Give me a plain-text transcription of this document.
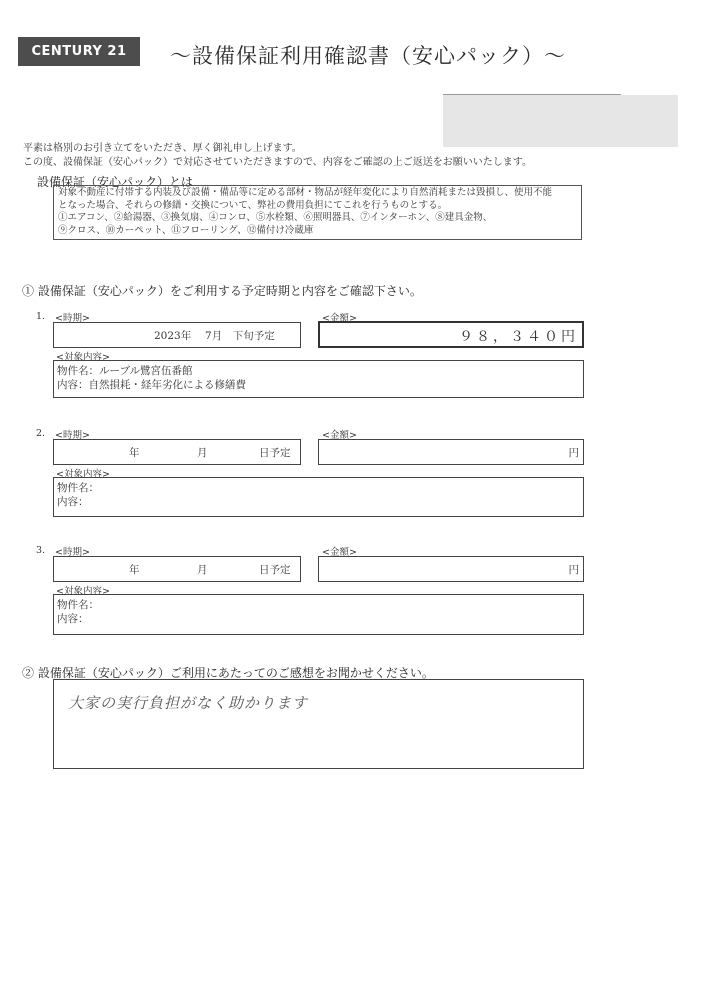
CENTURY 21	〜設備保証利用確認書（安心パック）〜
平素は格別のお引き立てをいただき、厚く御礼申し上げます。
この度、設備保証（安心パック）で対応させていただきますので、内容をご確認の上ご返送をお願いいたします。
設備保証（安心パック）とは
対象不動産に付帯する内装及び設備・備品等に定める部材・物品が経年変化により自然消耗または毀損し、使用不能
となった場合、それらの修繕・交換について、弊社の費用負担にてこれを行うものとする。
①エアコン、②給湯器、③換気扇、④コンロ、⑤水栓類、⑥照明器具、⑦インターホン、⑧建具金物、
⑨クロス、⑩カーペット、⑪フローリング、⑫備付け冷蔵庫
① 設備保証（安心パック）をご利用する予定時期と内容をご確認下さい。
1. <時期>
2023年　 7月　下旬予定
<金額>
９８，３４０円
<対象内容>
物件名：ルーブル鷺宮伍番館
内容：自然損耗・経年劣化による修繕費
2. <時期>
年	月	日予定
<金額>
円
<対象内容>
物件名：
内容：
3. <時期>
年	月	日予定
<金額>
円
<対象内容>
物件名：
内容：
② 設備保証（安心パック）ご利用にあたってのご感想をお聞かせください。
大家の実行負担がなく助かります
